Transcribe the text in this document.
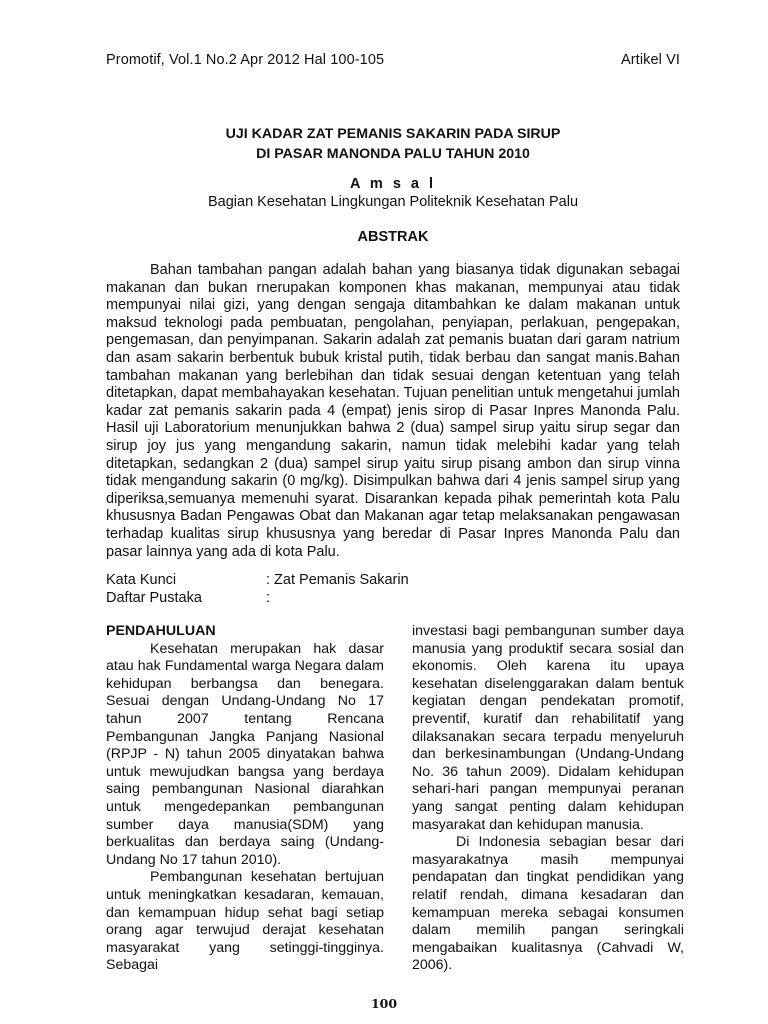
Promotif, Vol.1 No.2 Apr 2012 Hal 100-105	Artikel VI
UJI KADAR ZAT PEMANIS SAKARIN PADA SIRUP
DI PASAR MANONDA PALU TAHUN 2010
A m s a l
Bagian Kesehatan Lingkungan Politeknik Kesehatan Palu
ABSTRAK

Bahan tambahan pangan adalah bahan yang biasanya tidak digunakan sebagai makanan dan bukan rnerupakan komponen khas makanan, mempunyai atau tidak mempunyai nilai gizi, yang dengan sengaja ditambahkan ke dalam makanan untuk maksud teknologi pada pembuatan, pengolahan, penyiapan, perlakuan, pengepakan, pengemasan, dan penyimpanan. Sakarin adalah zat pemanis buatan dari garam natrium dan asam sakarin berbentuk bubuk kristal putih, tidak berbau dan sangat manis.Bahan tambahan makanan yang berlebihan dan tidak sesuai dengan ketentuan yang telah ditetapkan, dapat membahayakan kesehatan. Tujuan penelitian untuk mengetahui jumlah kadar zat pemanis sakarin pada 4 (empat) jenis sirop di Pasar Inpres Manonda Palu. Hasil uji Laboratorium menunjukkan bahwa 2 (dua) sampel sirup yaitu sirup segar dan sirup joy jus yang mengandung sakarin, namun tidak melebihi kadar yang telah ditetapkan, sedangkan 2 (dua) sampel sirup yaitu sirup pisang ambon dan sirup vinna tidak mengandung sakarin (0 mg/kg). Disimpulkan bahwa dari 4 jenis sampel sirup yang diperiksa,semuanya memenuhi syarat. Disarankan kepada pihak pemerintah kota Palu khususnya Badan Pengawas Obat dan Makanan agar tetap melaksanakan pengawasan terhadap kualitas sirup khususnya yang beredar di Pasar Inpres Manonda Palu dan pasar lainnya yang ada di kota Palu.

Kata Kunci	: Zat Pemanis Sakarin
Daftar Pustaka	:

PENDAHULUAN

Kesehatan merupakan hak dasar atau hak Fundamental warga Negara dalam kehidupan berbangsa dan benegara. Sesuai dengan Undang-Undang No 17 tahun 2007 tentang Rencana Pembangunan Jangka Panjang Nasional (RPJP - N) tahun 2005 dinyatakan bahwa untuk mewujudkan bangsa yang berdaya saing pembangunan Nasional diarahkan untuk mengedepankan pembangunan sumber daya manusia(SDM) yang berkualitas dan berdaya saing (Undang-Undang No 17 tahun 2010).

Pembangunan kesehatan bertujuan untuk meningkatkan kesadaran, kemauan, dan kemampuan hidup sehat bagi setiap orang agar terwujud derajat kesehatan masyarakat yang setinggi-tingginya. Sebagai

investasi bagi pembangunan sumber daya manusia yang produktif secara sosial dan ekonomis. Oleh karena itu upaya kesehatan diselenggarakan dalam bentuk kegiatan dengan pendekatan promotif, preventif, kuratif dan rehabilitatif yang dilaksanakan secara terpadu menyeluruh dan berkesinambungan (Undang-Undang No. 36 tahun 2009). Didalam kehidupan sehari-hari pangan mempunyai peranan yang sangat penting dalam kehidupan masyarakat dan kehidupan manusia.

Di Indonesia sebagian besar dari masyarakatnya masih mempunyai pendapatan dan tingkat pendidikan yang relatif rendah, dimana kesadaran dan kemampuan mereka sebagai konsumen dalam memilih pangan seringkali mengabaikan kualitasnya (Cahvadi W, 2006).

100
